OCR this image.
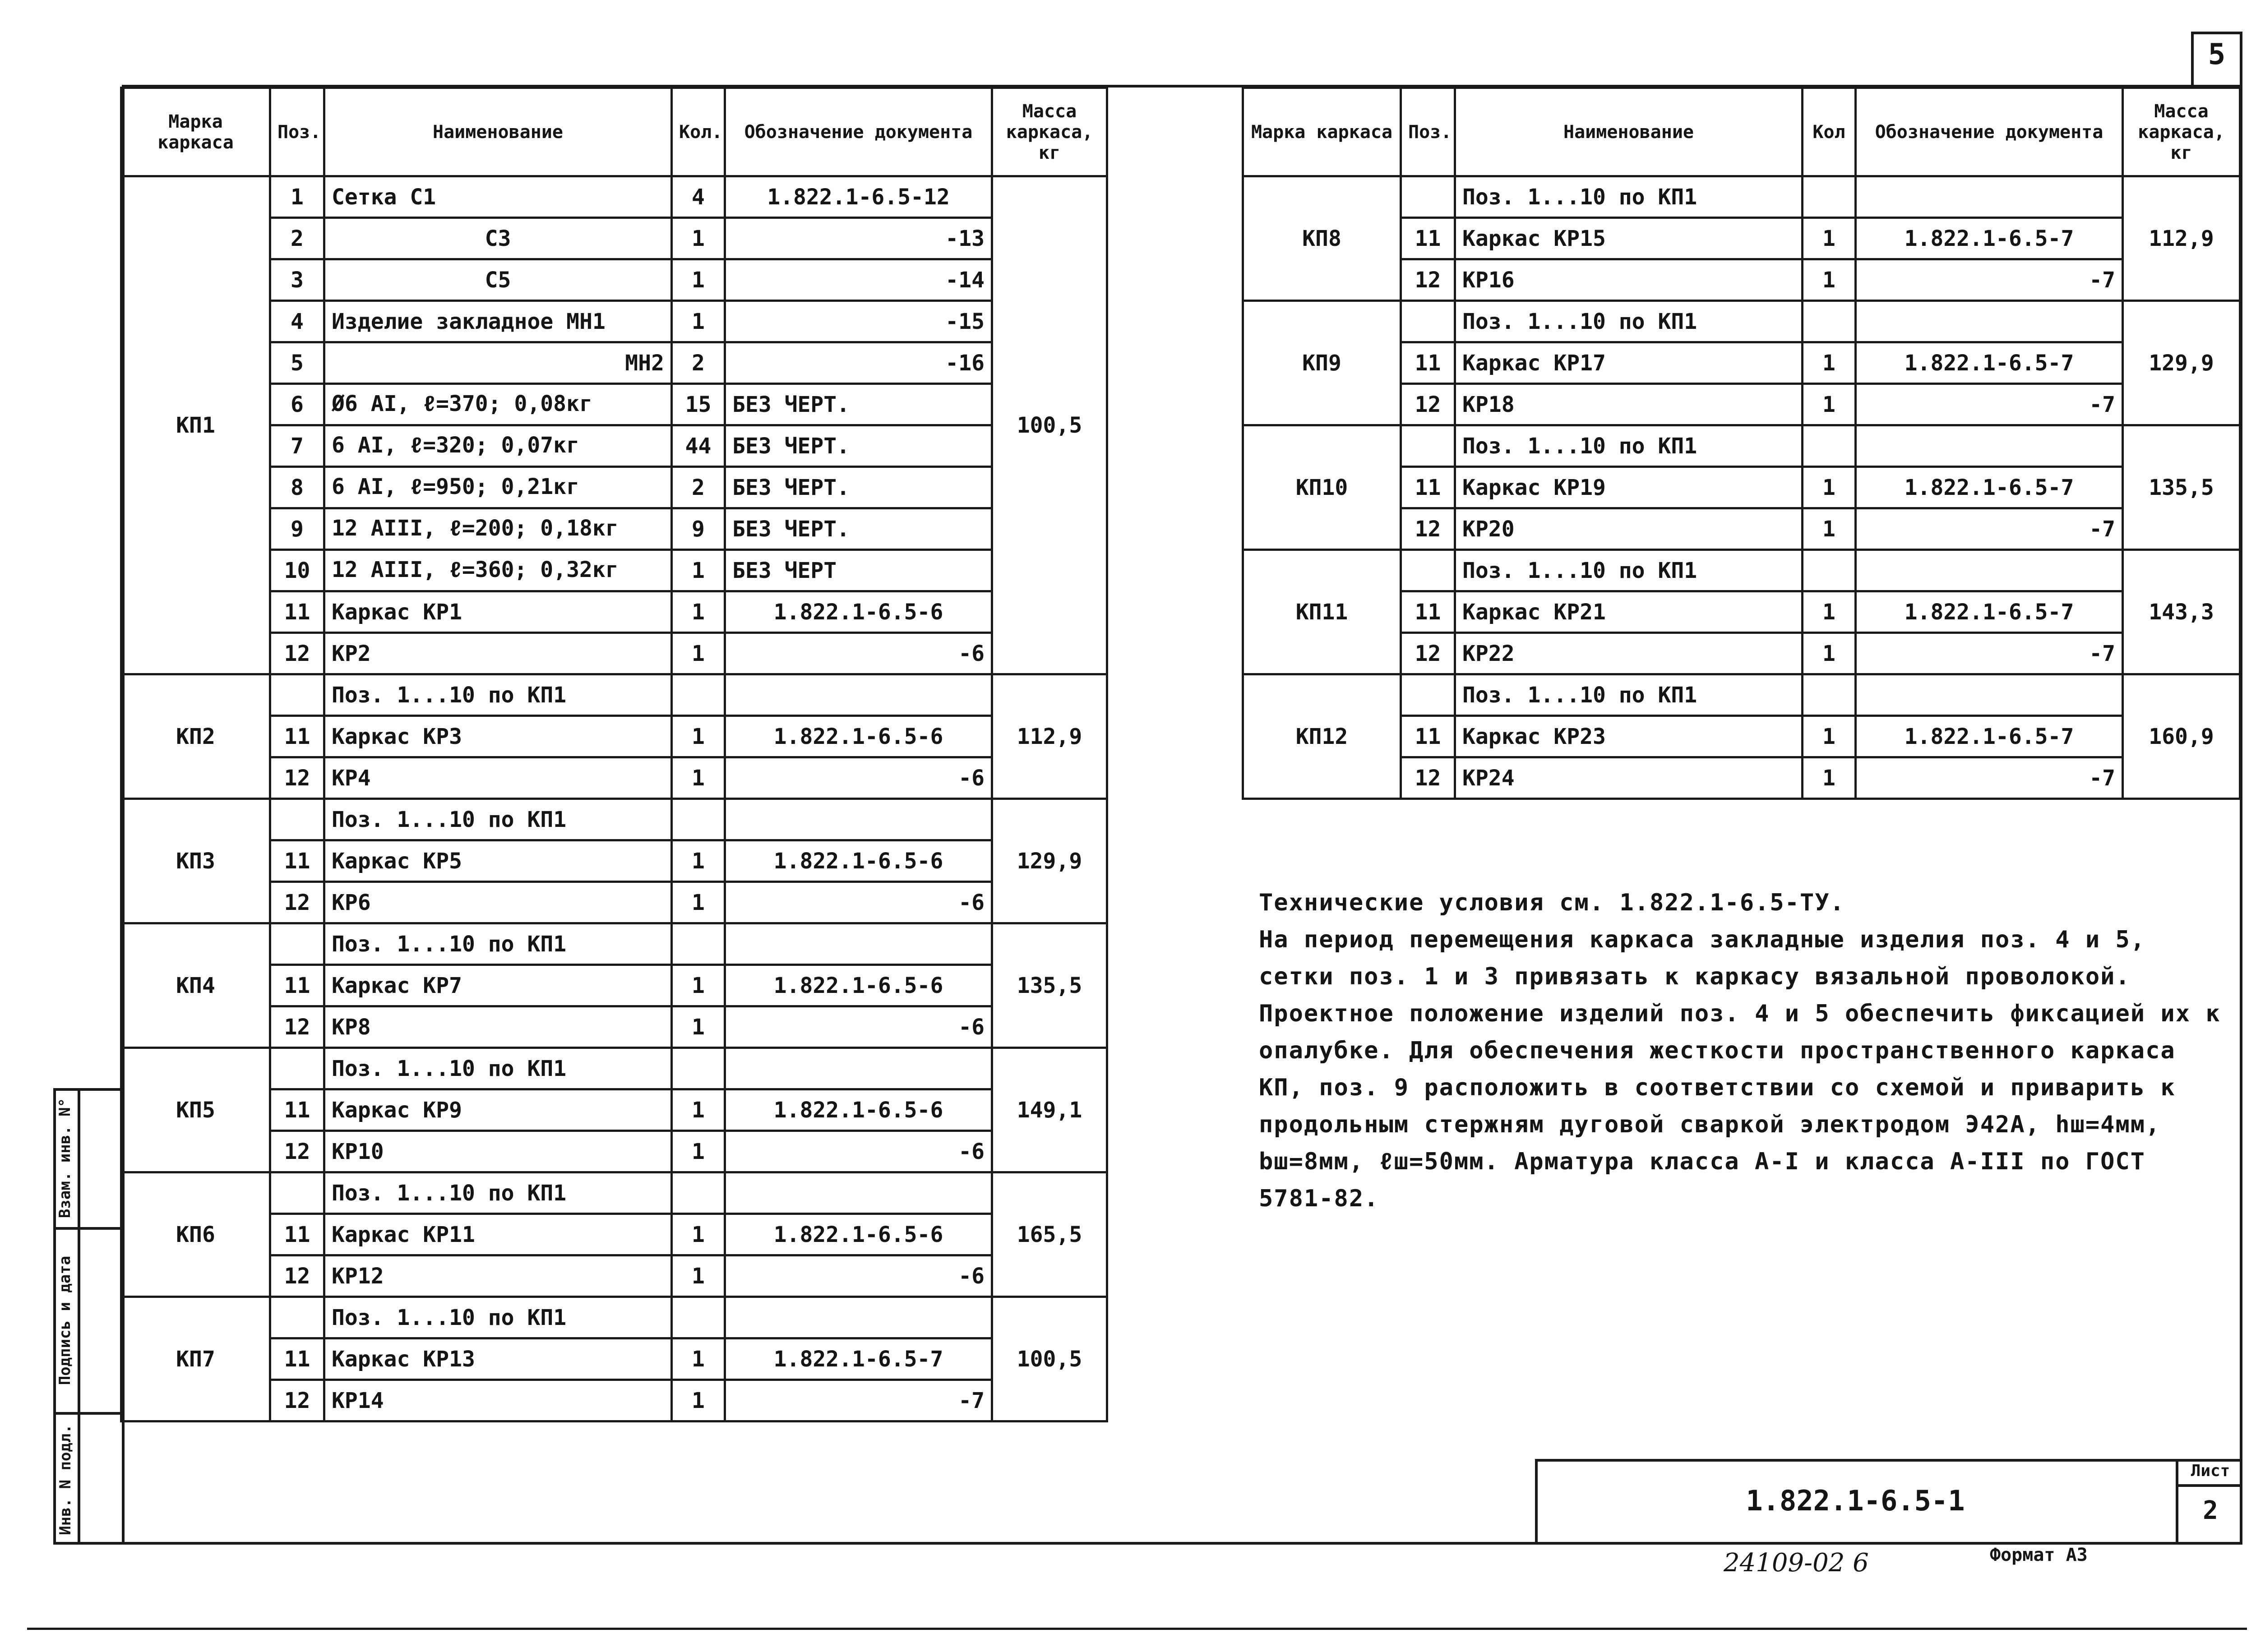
5
Марка каркаса	Поз.	Наименование	Кол.	Обозначение документа	Масса каркаса, кг
КП1	1	Сетка С1	4	1.822.1-6.5-12	100,5
	2	С3	1	-13	
	3	С5	1	-14	
	4	Изделие закладное МН1	1	-15	
	5	МН2	2	-16	
	6	Ø6 АI, ℓ=370; 0,08кг	15	БЕЗ ЧЕРТ.	
	7	6 АI, ℓ=320; 0,07кг	44	БЕЗ ЧЕРТ.	
	8	6 АI, ℓ=950; 0,21кг	2	БЕЗ ЧЕРТ.	
	9	12 АIII, ℓ=200; 0,18кг	9	БЕЗ ЧЕРТ.	
	10	12 АIII, ℓ=360; 0,32кг	1	БЕЗ ЧЕРТ	
	11	Каркас КР1	1	1.822.1-6.5-6	
	12	КР2	1	-6	
КП2		Поз. 1...10 по КП1			112,9
	11	Каркас КР3	1	1.822.1-6.5-6	
	12	КР4	1	-6	
КП3		Поз. 1...10 по КП1			129,9
	11	Каркас КР5	1	1.822.1-6.5-6	
	12	КР6	1	-6	
КП4		Поз. 1...10 по КП1			135,5
	11	Каркас КР7	1	1.822.1-6.5-6	
	12	КР8	1	-6	
КП5		Поз. 1...10 по КП1			149,1
	11	Каркас КР9	1	1.822.1-6.5-6	
	12	КР10	1	-6	
КП6		Поз. 1...10 по КП1			165,5
	11	Каркас КР11	1	1.822.1-6.5-6	
	12	КР12	1	-6	
КП7		Поз. 1...10 по КП1			100,5
	11	Каркас КР13	1	1.822.1-6.5-7	
	12	КР14	1	-7	
Марка каркаса	Поз.	Наименование	Кол	Обозначение документа	Масса каркаса, кг
КП8		Поз. 1...10 по КП1			112,9
	11	Каркас КР15	1	1.822.1-6.5-7	
	12	КР16	1	-7	
КП9		Поз. 1...10 по КП1			129,9
	11	Каркас КР17	1	1.822.1-6.5-7	
	12	КР18	1	-7	
КП10		Поз. 1...10 по КП1			135,5
	11	Каркас КР19	1	1.822.1-6.5-7	
	12	КР20	1	-7	
КП11		Поз. 1...10 по КП1			143,3
	11	Каркас КР21	1	1.822.1-6.5-7	
	12	КР22	1	-7	
КП12		Поз. 1...10 по КП1			160,9
	11	Каркас КР23	1	1.822.1-6.5-7	
	12	КР24	1	-7	

Технические условия см. 1.822.1-6.5-ТУ.

На период перемещения каркаса закладные изделия поз. 4 и 5, сетки поз. 1 и 3 привязать к каркасу вязальной проволокой. Проектное положение изделий поз. 4 и 5 обеспечить фиксацией их к опалубке. Для обеспечения жесткости пространственного каркаса КП, поз. 9 расположить в соответствии со схемой и приварить к продольным стержням дуговой сваркой электродом Э42А, hш=4мм, bш=8мм, ℓш=50мм. Арматура класса А-I и класса А-III по ГОСТ 5781-82.

Взам. инв. N°
Подпись и дата
Инв. N подл.	1.822.1-6.5-1
Лист
2
24109-02 6	Формат А3
